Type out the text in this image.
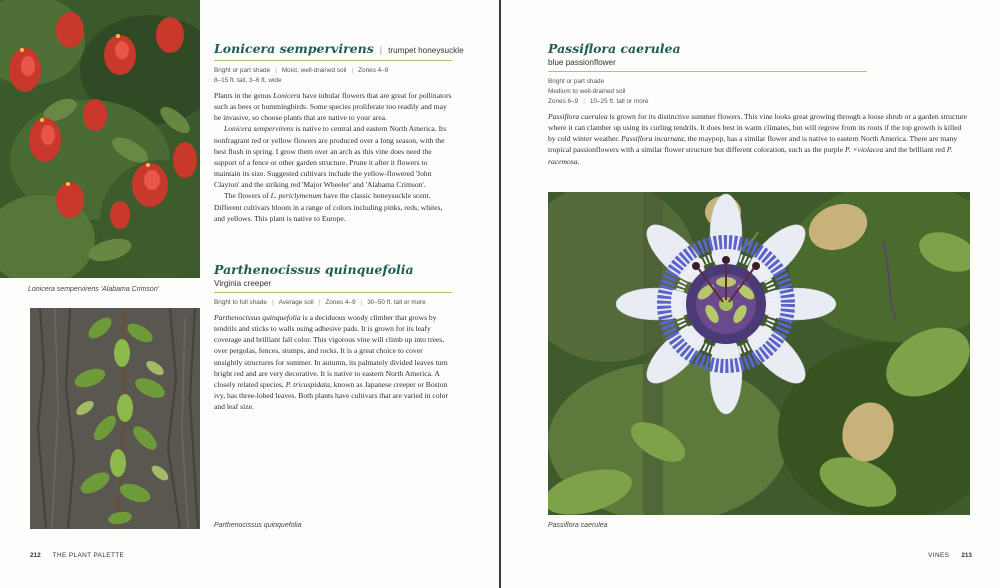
Lonicera sempervirens 'Alabama Crimson'
Parthenocissus quinquefolia
Lonicera sempervirens | trumpet honeysuckle
Bright or part shade | Moist, well-drained soil | Zones 4–9
8–15 ft. tall, 3–6 ft. wide

Plants in the genus Lonicera have tubular flowers that are great for pollinators such as bees or hummingbirds. Some species proliferate too readily and may be invasive, so choose plants that are native to your area.

Lonicera sempervirens is native to central and eastern North America. Its nonfragrant red or yellow flowers are produced over a long season, with the best flush in spring. I grow them over an arch as this vine does need the support of a fence or other garden structure. Prune it after it flowers to maintain its size. Suggested cultivars include the yellow-flowered 'John Clayton' and the striking red 'Major Wheeler' and 'Alabama Crimson'.

The flowers of L. periclymenum have the classic honeysuckle scent. Different cultivars bloom in a range of colors including pinks, reds, whites, and yellows. This plant is native to Europe.

Parthenocissus quinquefolia
Virginia creeper
Bright to full shade | Average soil | Zones 4–9 | 30–50 ft. tall or more

Parthenocissus quinquefolia is a deciduous woody climber that grows by tendrils and sticks to walls using adhesive pads. It is grown for its leafy coverage and brilliant fall color. This vigorous vine will climb up into trees, over pergolas, fences, stumps, and rocks. It is a great choice to cover unsightly structures for summer. In autumn, its palmately divided leaves turn bright red and are very decorative. It is native to eastern North America. A closely related species, P. tricuspidata, known as Japanese creeper or Boston ivy, has three-lobed leaves. Both plants have cultivars that are varied in color and leaf size.

212 THE PLANT PALETTE
Passiflora caerulea
blue passionflower
Bright or part shade
Medium to well-drained soil
Zones 6–9 | 10–25 ft. tall or more

Passiflora caerulea is grown for its distinctive summer flowers. This vine looks great growing through a loose shrub or a garden structure where it can clamber up using its curling tendrils. It does best in warm climates, but will regrow from its roots if the top growth is killed by cold winter weather. Passiflora incarnata, the maypop, has a similar flower and is native to eastern North America. There are many tropical passionflowers with a similar flower structure but different coloration, such as the purple P. ×violacea and the brilliant red P. racemosa.

Passiflora caerulea
VINES 213
